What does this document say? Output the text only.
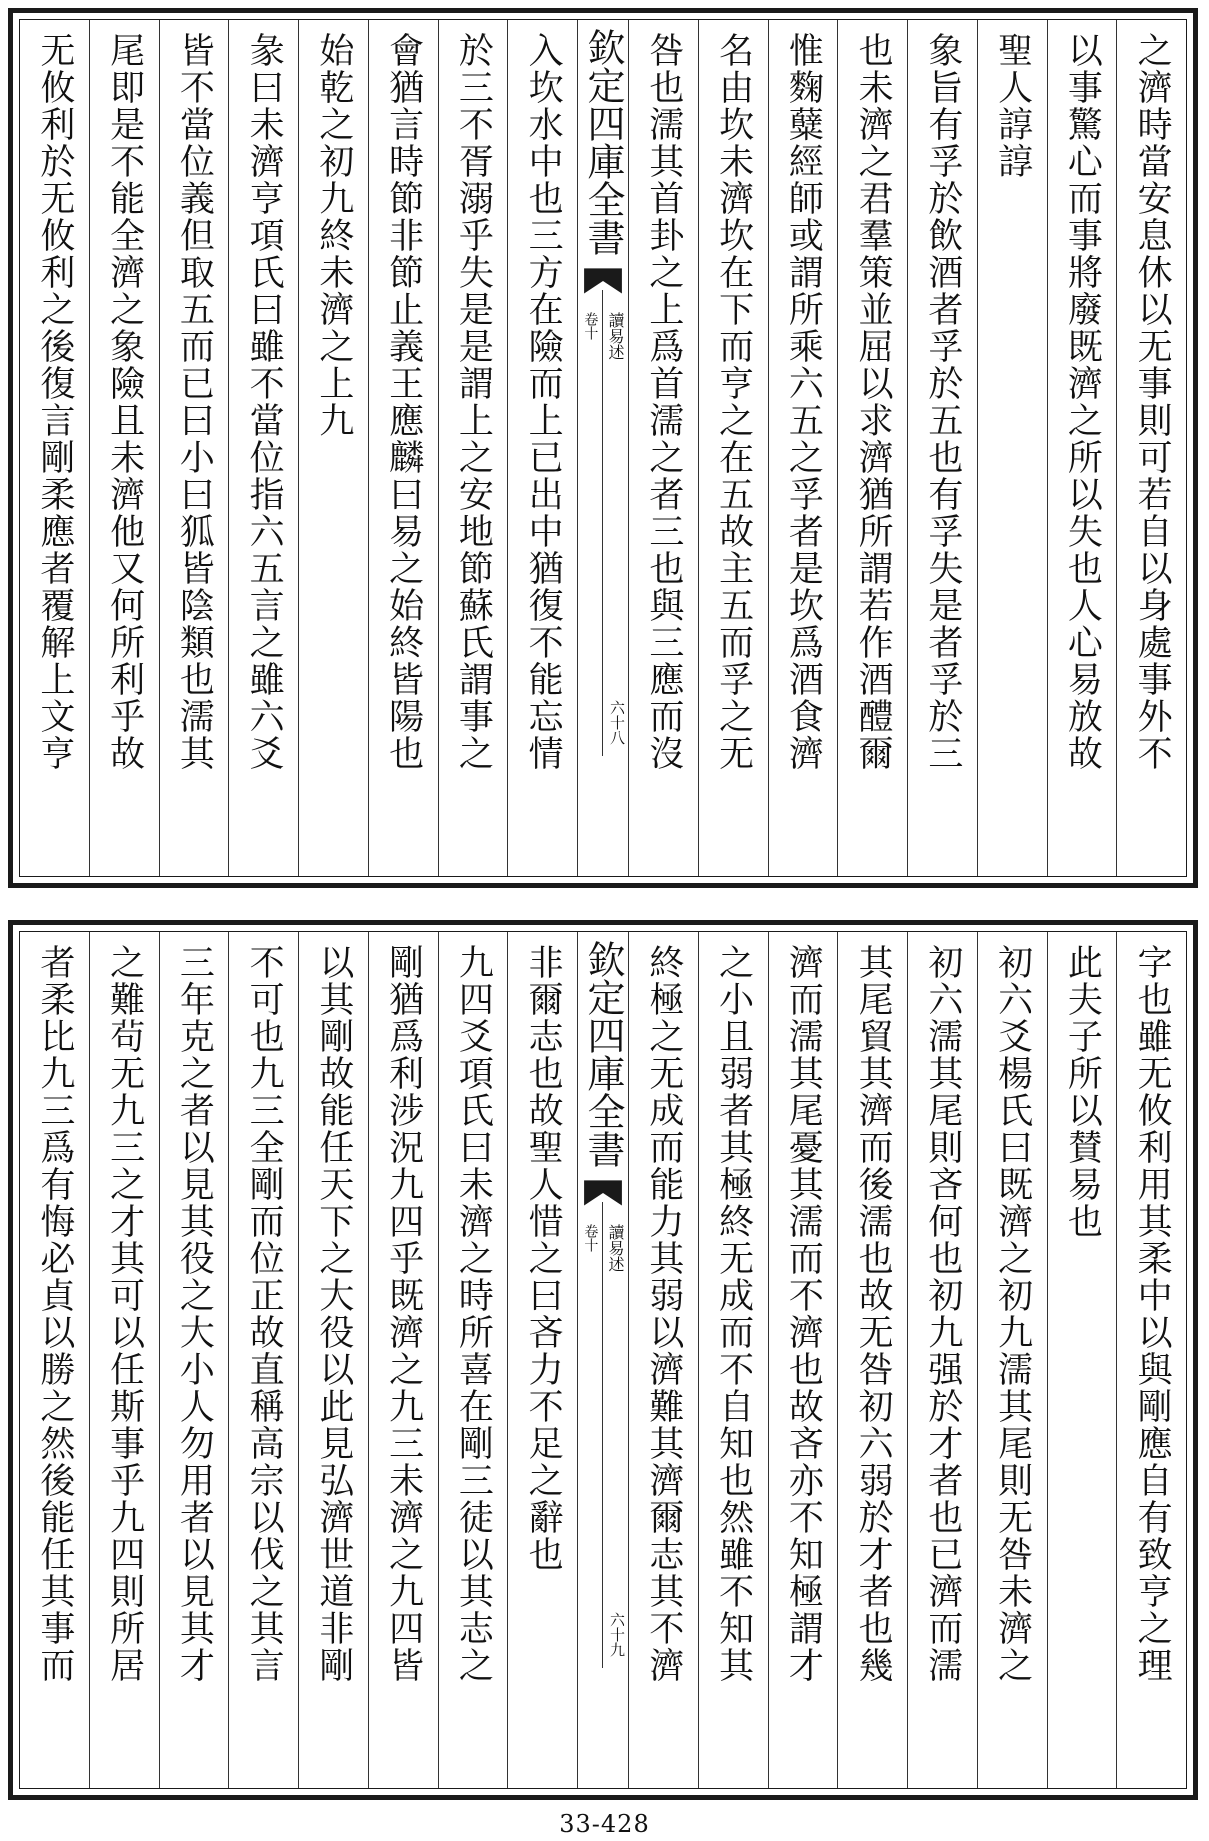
之濟時當安息休以无事則可若自以身處事外不
以事驚心而事將廢既濟之所以失也人心易放故
聖人諄諄
象旨有孚於飲酒者孚於五也有孚失是者孚於三
也未濟之君羣策並屈以求濟猶所謂若作酒醴爾
惟麴糵經師或謂所乘六五之孚者是坎爲酒食濟
名由坎未濟坎在下而亨之在五故主五而孚之无
咎也濡其首卦之上爲首濡之者三也與三應而沒
欽定四庫全書
讀易述
卷十
六十八
入坎水中也三方在險而上已出中猶復不能忘情
於三不胥溺乎失是是謂上之安地節蘇氏謂事之
會猶言時節非節止義王應麟曰易之始終皆陽也
始乾之初九終未濟之上九
彖曰未濟亨項氏曰雖不當位指六五言之雖六爻
皆不當位義但取五而已曰小曰狐皆陰類也濡其
尾即是不能全濟之象險且未濟他又何所利乎故
无攸利於无攸利之後復言剛柔應者覆解上文亨
字也雖无攸利用其柔中以與剛應自有致亨之理
此夫子所以賛易也
初六爻楊氏曰既濟之初九濡其尾則无咎未濟之
初六濡其尾則吝何也初九强於才者也已濟而濡
其尾貿其濟而後濡也故无咎初六弱於才者也幾
濟而濡其尾憂其濡而不濟也故吝亦不知極謂才
之小且弱者其極終无成而不自知也然雖不知其
終極之无成而能力其弱以濟難其濟爾志其不濟
欽定四庫全書
讀易述
卷十
六十九
非爾志也故聖人惜之曰吝力不足之辭也
九四爻項氏曰未濟之時所喜在剛三徒以其志之
剛猶爲利涉況九四乎既濟之九三未濟之九四皆
以其剛故能任天下之大役以此見弘濟世道非剛
不可也九三全剛而位正故直稱高宗以伐之其言
三年克之者以見其役之大小人勿用者以見其才
之難茍无九三之才其可以任斯事乎九四則所居
者柔比九三爲有悔必貞以勝之然後能任其事而
33-428
